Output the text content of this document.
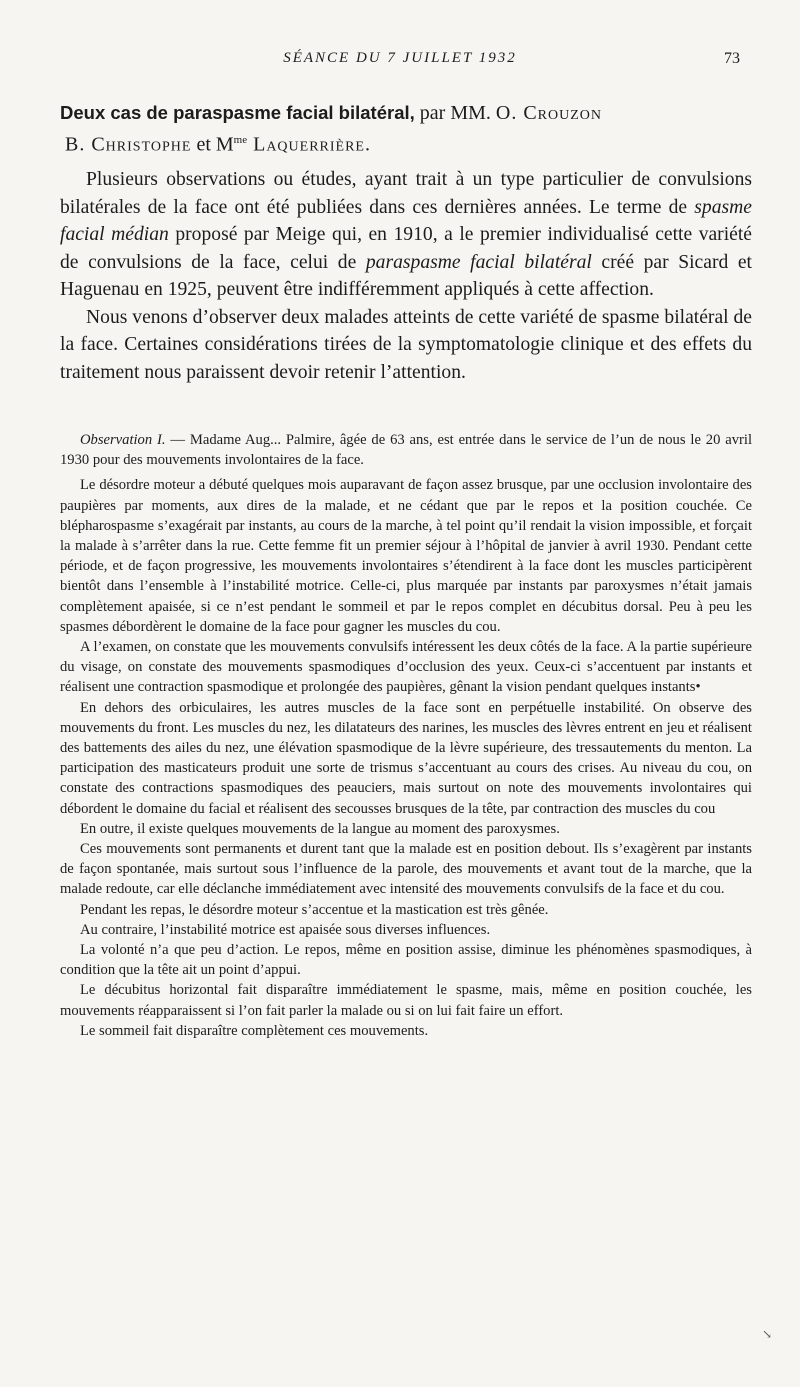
SÉANCE DU 7 JUILLET 1932	73
Deux cas de paraspasme facial bilatéral, par MM. O. Crouzon
B. Christophe et $M^{me}$ Laquerrière.

Plusieurs observations ou études, ayant trait à un type particulier de convulsions bilatérales de la face ont été publiées dans ces dernières années. Le terme de spasme facial médian proposé par Meige qui, en 1910, a le premier individualisé cette variété de convulsions de la face, celui de paraspasme facial bilatéral créé par Sicard et Haguenau en 1925, peuvent être indifféremment appliqués à cette affection.

Nous venons d’observer deux malades atteints de cette variété de spasme bilatéral de la face. Certaines considérations tirées de la symptomatologie clinique et des effets du traitement nous paraissent devoir retenir l’attention.

Observation I. — Madame Aug... Palmire, âgée de 63 ans, est entrée dans le service de l’un de nous le 20 avril 1930 pour des mouvements involontaires de la face.

Le désordre moteur a débuté quelques mois auparavant de façon assez brusque, par une occlusion involontaire des paupières par moments, aux dires de la malade, et ne cédant que par le repos et la position couchée. Ce blépharospasme s’exagérait par instants, au cours de la marche, à tel point qu’il rendait la vision impossible, et forçait la malade à s’arrêter dans la rue. Cette femme fit un premier séjour à l’hôpital de janvier à avril 1930. Pendant cette période, et de façon progressive, les mouvements involontaires s’étendirent à la face dont les muscles participèrent bientôt dans l’ensemble à l’instabilité motrice. Celle-ci, plus marquée par instants par paroxysmes n’était jamais complètement apaisée, si ce n’est pendant le sommeil et par le repos complet en décubitus dorsal. Peu à peu les spasmes débordèrent le domaine de la face pour gagner les muscles du cou.

A l’examen, on constate que les mouvements convulsifs intéressent les deux côtés de la face. A la partie supérieure du visage, on constate des mouvements spasmodiques d’occlusion des yeux. Ceux-ci s’accentuent par instants et réalisent une contraction spasmodique et prolongée des paupières, gênant la vision pendant quelques instants•

En dehors des orbiculaires, les autres muscles de la face sont en perpétuelle instabilité. On observe des mouvements du front. Les muscles du nez, les dilatateurs des narines, les muscles des lèvres entrent en jeu et réalisent des battements des ailes du nez, une élévation spasmodique de la lèvre supérieure, des tressautements du menton. La participation des masticateurs produit une sorte de trismus s’accentuant au cours des crises. Au niveau du cou, on constate des contractions spasmodiques des peauciers, mais surtout on note des mouvements involontaires qui débordent le domaine du facial et réalisent des secousses brusques de la tête, par contraction des muscles du cou

En outre, il existe quelques mouvements de la langue au moment des paroxysmes.

Ces mouvements sont permanents et durent tant que la malade est en position debout. Ils s’exagèrent par instants de façon spontanée, mais surtout sous l’influence de la parole, des mouvements et avant tout de la marche, que la malade redoute, car elle déclanche immédiatement avec intensité des mouvements convulsifs de la face et du cou.

Pendant les repas, le désordre moteur s’accentue et la mastication est très gênée.

Au contraire, l’instabilité motrice est apaisée sous diverses influences.

La volonté n’a que peu d’action. Le repos, même en position assise, diminue les phénomènes spasmodiques, à condition que la tête ait un point d’appui.

Le décubitus horizontal fait disparaître immédiatement le spasme, mais, même en position couchée, les mouvements réapparaissent si l’on fait parler la malade ou si on lui fait faire un effort.

Le sommeil fait disparaître complètement ces mouvements.

↘
